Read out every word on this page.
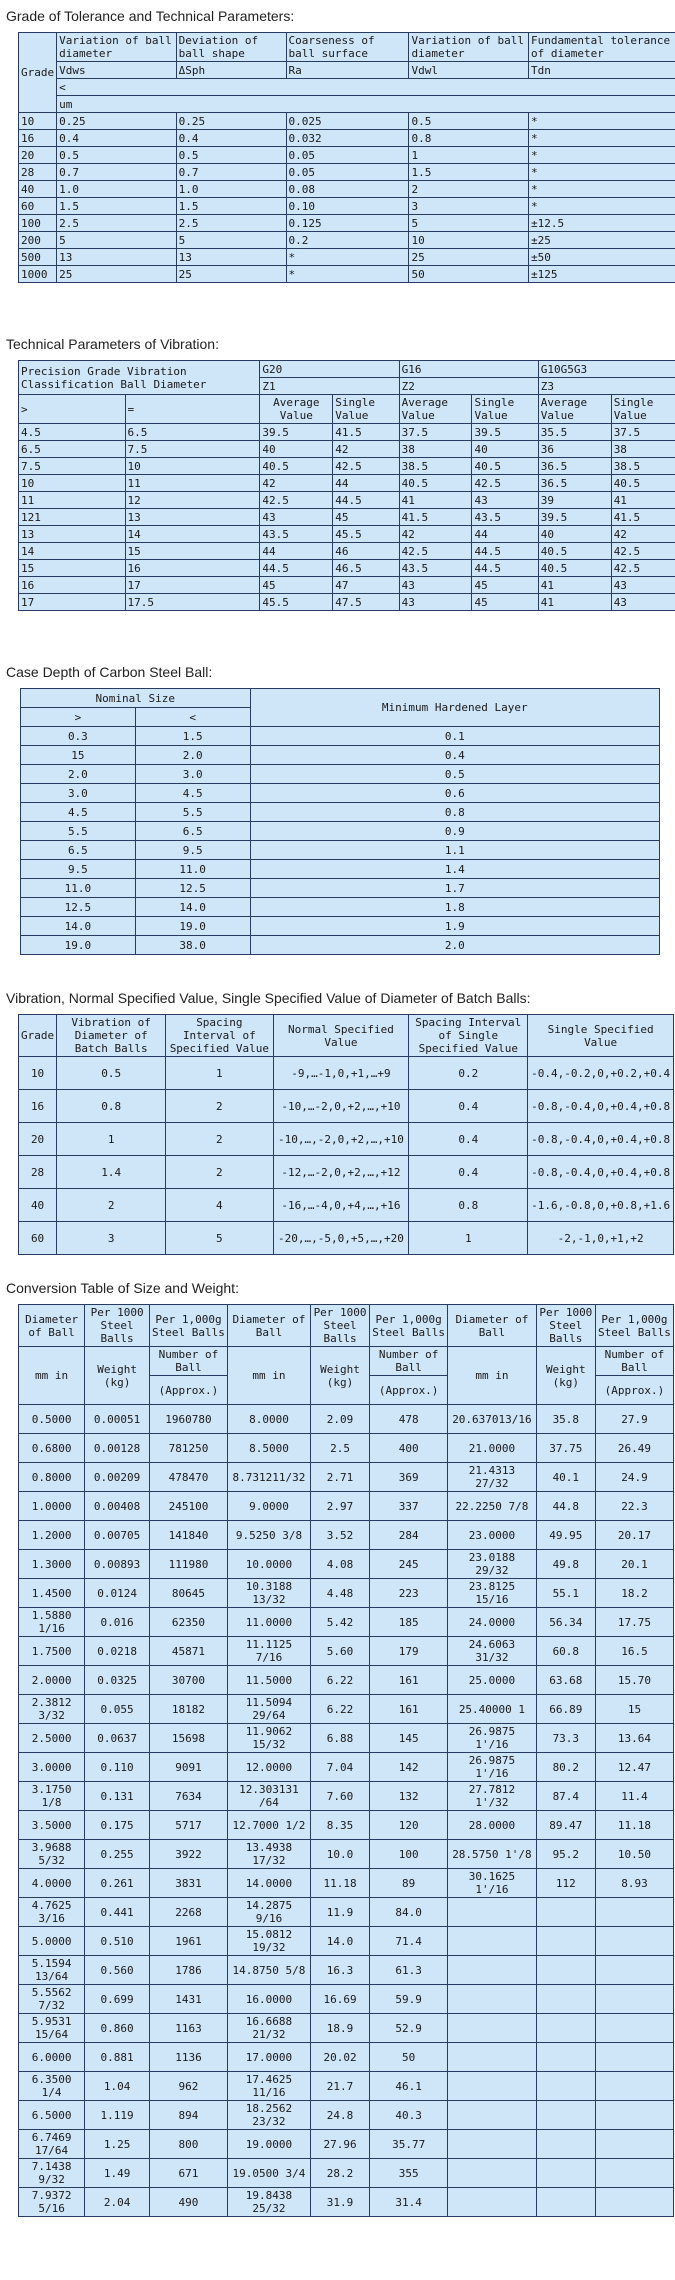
Grade of Tolerance and Technical Parameters:
Grade	Variation of ball diameter	Deviation of ball shape	Coarseness of ball surface	Variation of ball diameter	Fundamental tolerance of diameter
	Vdws	ΔSph	Ra	Vdwl	Tdn
	<				
	um				
10	0.25	0.25	0.025	0.5	*
16	0.4	0.4	0.032	0.8	*
20	0.5	0.5	0.05	1	*
28	0.7	0.7	0.05	1.5	*
40	1.0	1.0	0.08	2	*
60	1.5	1.5	0.10	3	*
100	2.5	2.5	0.125	5	±12.5
200	5	5	0.2	10	±25
500	13	13	*	25	±50
1000	25	25	*	50	±125
Technical Parameters of Vibration:
Precision Grade Vibration Classification Ball Diameter		G20		G16		G10G5G3	
		Z1		Z2		Z3	
>	=	Average Value	Single Value	Average Value	Single Value	Average Value	Single Value
4.5	6.5	39.5	41.5	37.5	39.5	35.5	37.5
6.5	7.5	40	42	38	40	36	38
7.5	10	40.5	42.5	38.5	40.5	36.5	38.5
10	11	42	44	40.5	42.5	36.5	40.5
11	12	42.5	44.5	41	43	39	41
121	13	43	45	41.5	43.5	39.5	41.5
13	14	43.5	45.5	42	44	40	42
14	15	44	46	42.5	44.5	40.5	42.5
15	16	44.5	46.5	43.5	44.5	40.5	42.5
16	17	45	47	43	45	41	43
17	17.5	45.5	47.5	43	45	41	43
Case Depth of Carbon Steel Ball:
Nominal Size		Minimum Hardened Layer
>	<	
0.3	1.5	0.1
15	2.0	0.4
2.0	3.0	0.5
3.0	4.5	0.6
4.5	5.5	0.8
5.5	6.5	0.9
6.5	9.5	1.1
9.5	11.0	1.4
11.0	12.5	1.7
12.5	14.0	1.8
14.0	19.0	1.9
19.0	38.0	2.0
Vibration, Normal Specified Value, Single Specified Value of Diameter of Batch Balls:
Grade	Vibration of Diameter of Batch Balls	Spacing Interval of Specified Value	Normal Specified Value	Spacing Interval of Single Specified Value	Single Specified Value
10	0.5	1	-9,…-1,0,+1,…+9	0.2	-0.4,-0.2,0,+0.2,+0.4
16	0.8	2	-10,…-2,0,+2,…,+10	0.4	-0.8,-0.4,0,+0.4,+0.8
20	1	2	-10,…,-2,0,+2,…,+10	0.4	-0.8,-0.4,0,+0.4,+0.8
28	1.4	2	-12,…-2,0,+2,…,+12	0.4	-0.8,-0.4,0,+0.4,+0.8
40	2	4	-16,…-4,0,+4,…,+16	0.8	-1.6,-0.8,0,+0.8,+1.6
60	3	5	-20,…,-5,0,+5,…,+20	1	-2,-1,0,+1,+2
Conversion Table of Size and Weight:
Diameter of Ball	Per 1000 Steel Balls	Per 1,000g Steel Balls	Diameter of Ball	Per 1000 Steel Balls	Per 1,000g Steel Balls	Diameter of Ball	Per 1000 Steel Balls	Per 1,000g Steel Balls
mm in	Weight (kg)	Number of Ball	mm in	Weight (kg)	Number of Ball	mm in	Weight (kg)	Number of Ball
		(Approx.)			(Approx.)			(Approx.)
0.5000	0.00051	1960780	8.0000	2.09	478	20.637013/16	35.8	27.9
0.6800	0.00128	781250	8.5000	2.5	400	21.0000	37.75	26.49
0.8000	0.00209	478470	8.731211/32	2.71	369	21.4313 27/32	40.1	24.9
1.0000	0.00408	245100	9.0000	2.97	337	22.2250 7/8	44.8	22.3
1.2000	0.00705	141840	9.5250 3/8	3.52	284	23.0000	49.95	20.17
1.3000	0.00893	111980	10.0000	4.08	245	23.0188 29/32	49.8	20.1
1.4500	0.0124	80645	10.3188 13/32	4.48	223	23.8125 15/16	55.1	18.2
1.5880 1/16	0.016	62350	11.0000	5.42	185	24.0000	56.34	17.75
1.7500	0.0218	45871	11.1125 7/16	5.60	179	24.6063 31/32	60.8	16.5
2.0000	0.0325	30700	11.5000	6.22	161	25.0000	63.68	15.70
2.3812 3/32	0.055	18182	11.5094 29/64	6.22	161	25.40000 1	66.89	15
2.5000	0.0637	15698	11.9062 15/32	6.88	145	26.9875 1'/16	73.3	13.64
3.0000	0.110	9091	12.0000	7.04	142	26.9875 1'/16	80.2	12.47
3.1750 1/8	0.131	7634	12.303131 /64	7.60	132	27.7812 1'/32	87.4	11.4
3.5000	0.175	5717	12.7000 1/2	8.35	120	28.0000	89.47	11.18
3.9688 5/32	0.255	3922	13.4938 17/32	10.0	100	28.5750 1'/8	95.2	10.50
4.0000	0.261	3831	14.0000	11.18	89	30.1625 1'/16	112	8.93
4.7625 3/16	0.441	2268	14.2875 9/16	11.9	84.0			
5.0000	0.510	1961	15.0812 19/32	14.0	71.4			
5.1594 13/64	0.560	1786	14.8750 5/8	16.3	61.3			
5.5562 7/32	0.699	1431	16.0000	16.69	59.9			
5.9531 15/64	0.860	1163	16.6688 21/32	18.9	52.9			
6.0000	0.881	1136	17.0000	20.02	50			
6.3500 1/4	1.04	962	17.4625 11/16	21.7	46.1			
6.5000	1.119	894	18.2562 23/32	24.8	40.3			
6.7469 17/64	1.25	800	19.0000	27.96	35.77			
7.1438 9/32	1.49	671	19.0500 3/4	28.2	355			
7.9372 5/16	2.04	490	19.8438 25/32	31.9	31.4			
